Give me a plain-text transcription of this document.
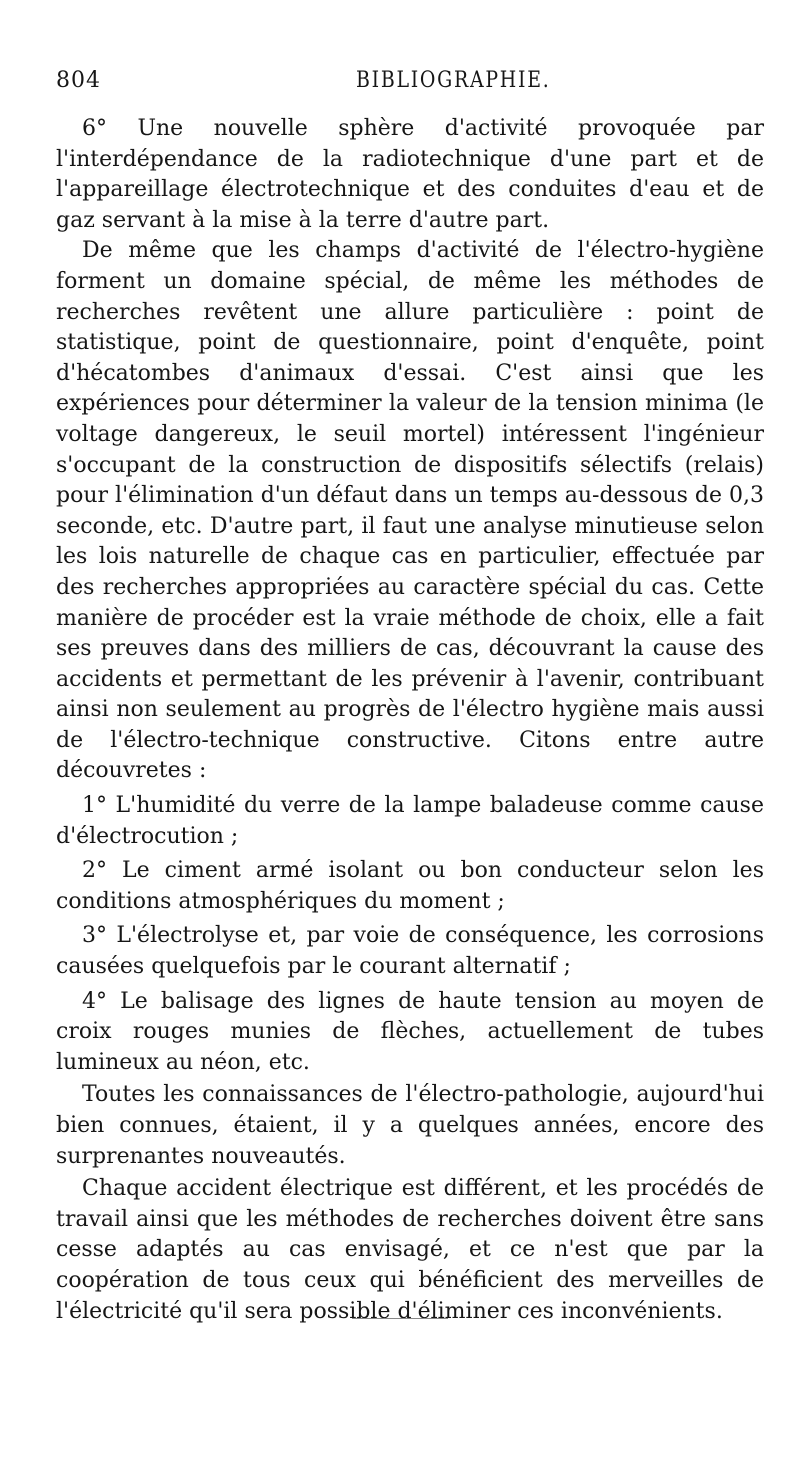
804	BIBLIOGRAPHIE.

6° Une nouvelle sphère d'activité provoquée par l'interdépendance de la radiotechnique d'une part et de l'appareillage électrotechnique et des conduites d'eau et de gaz servant à la mise à la terre d'autre part.

De même que les champs d'activité de l'électro-hygiène forment un domaine spécial, de même les méthodes de recherches revêtent une allure particulière : point de statistique, point de questionnaire, point d'enquête, point d'hécatombes d'animaux d'essai. C'est ainsi que les expériences pour déterminer la valeur de la tension minima (le voltage dangereux, le seuil mortel) intéressent l'ingénieur s'occupant de la construction de dispositifs sélectifs (relais) pour l'élimination d'un défaut dans un temps au-dessous de 0,3 seconde, etc. D'autre part, il faut une analyse minutieuse selon les lois naturelle de chaque cas en particulier, effectuée par des recherches appropriées au caractère spécial du cas. Cette manière de procéder est la vraie méthode de choix, elle a fait ses preuves dans des milliers de cas, découvrant la cause des accidents et permettant de les prévenir à l'avenir, contribuant ainsi non seulement au progrès de l'électro hygiène mais aussi de l'électro-technique constructive. Citons entre autre découvretes :

1° L'humidité du verre de la lampe baladeuse comme cause d'électrocution ;

2° Le ciment armé isolant ou bon conducteur selon les conditions atmosphériques du moment ;

3° L'électrolyse et, par voie de conséquence, les corrosions causées quelquefois par le courant alternatif ;

4° Le balisage des lignes de haute tension au moyen de croix rouges munies de flèches, actuellement de tubes lumineux au néon, etc.

Toutes les connaissances de l'électro-pathologie, aujourd'hui bien connues, étaient, il y a quelques années, encore des surprenantes nouveautés.

Chaque accident électrique est différent, et les procédés de travail ainsi que les méthodes de recherches doivent être sans cesse adaptés au cas envisagé, et ce n'est que par la coopération de tous ceux qui bénéficient des merveilles de l'électricité qu'il sera possible d'éliminer ces inconvénients.
